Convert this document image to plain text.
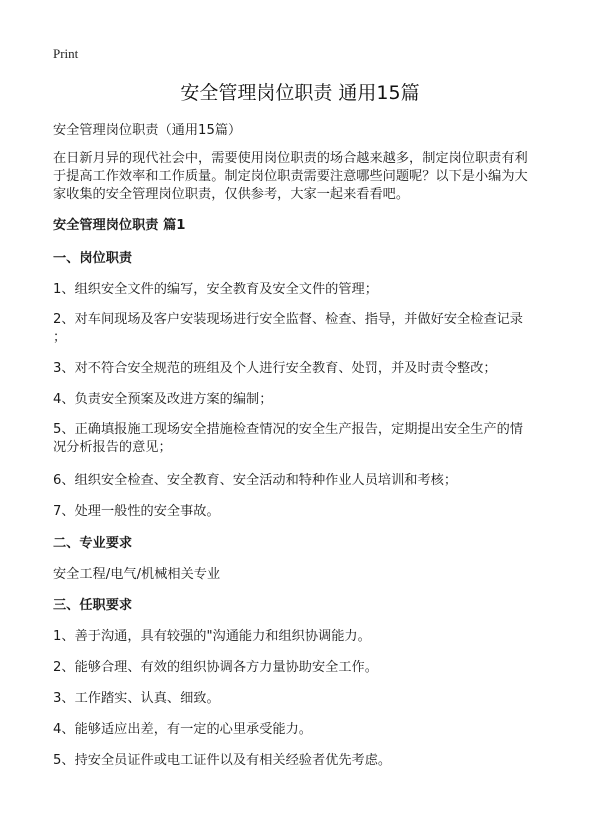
Print
安全管理岗位职责 通用15篇
安全管理岗位职责（通用15篇）
在日新月异的现代社会中，需要使用岗位职责的场合越来越多，制定岗位职责有利
于提高工作效率和工作质量。制定岗位职责需要注意哪些问题呢？以下是小编为大
家收集的安全管理岗位职责，仅供参考，大家一起来看看吧。
安全管理岗位职责 篇1
一、岗位职责
1、组织安全文件的编写，安全教育及安全文件的管理；
2、对车间现场及客户安装现场进行安全监督、检查、指导，并做好安全检查记录
；
3、对不符合安全规范的班组及个人进行安全教育、处罚，并及时责令整改；
4、负责安全预案及改进方案的编制；
5、正确填报施工现场安全措施检查情况的安全生产报告，定期提出安全生产的情
况分析报告的意见；
6、组织安全检查、安全教育、安全活动和特种作业人员培训和考核；
7、处理一般性的安全事故。
二、专业要求
安全工程/电气/机械相关专业
三、任职要求
1、善于沟通，具有较强的"沟通能力和组织协调能力。
2、能够合理、有效的组织协调各方力量协助安全工作。
3、工作踏实、认真、细致。
4、能够适应出差，有一定的心里承受能力。
5、持安全员证件或电工证件以及有相关经验者优先考虑。
